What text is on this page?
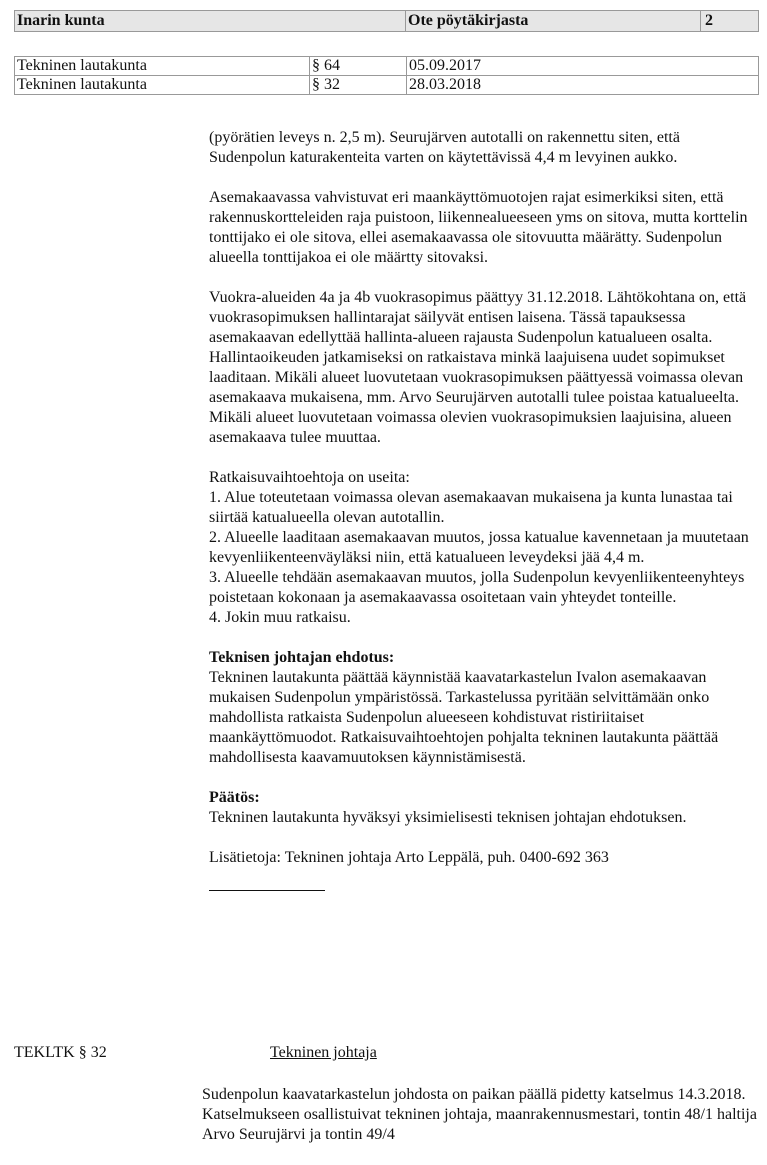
Inarin kunta	Ote pöytäkirjasta	2
Tekninen lautakunta	§ 64	05.09.2017
Tekninen lautakunta	§ 32	28.03.2018

(pyörätien leveys n. 2,5 m). Seurujärven autotalli on rakennettu siten, että Sudenpolun katurakenteita varten on käytettävissä 4,4 m levyinen aukko.

Asemakaavassa vahvistuvat eri maankäyttömuotojen rajat esimerkiksi siten, että rakennuskortteleiden raja puistoon, liikennealueeseen yms on sitova, mutta korttelin tonttijako ei ole sitova, ellei asemakaavassa ole sitovuutta määrätty. Sudenpolun alueella tonttijakoa ei ole määrtty sitovaksi.

Vuokra-alueiden 4a ja 4b vuokrasopimus päättyy 31.12.2018. Lähtökohtana on, että vuokrasopimuksen hallintarajat säilyvät entisen laisena. Tässä tapauksessa asemakaavan edellyttää hallinta-alueen rajausta Sudenpolun katualueen osalta. Hallintaoikeuden jatkamiseksi on ratkaistava minkä laajuisena uudet sopimukset laaditaan. Mikäli alueet luovutetaan vuokrasopimuksen päättyessä voimassa olevan asemakaava mukaisena, mm. Arvo Seurujärven autotalli tulee poistaa katualueelta. Mikäli alueet luovutetaan voimassa olevien vuokrasopimuksien laajuisina, alueen asemakaava tulee muuttaa.

Ratkaisuvaihtoehtoja on useita:
1. Alue toteutetaan voimassa olevan asemakaavan mukaisena ja kunta lunastaa tai siirtää katualueella olevan autotallin.
2. Alueelle laaditaan asemakaavan muutos, jossa katualue kavennetaan ja muutetaan kevyenliikenteenväyläksi niin, että katualueen leveydeksi jää 4,4 m.
3. Alueelle tehdään asemakaavan muutos, jolla Sudenpolun kevyenliikenteenyhteys poistetaan kokonaan ja asemakaavassa osoitetaan vain yhteydet tonteille.
4. Jokin muu ratkaisu.
Teknisen johtajan ehdotus:

Tekninen lautakunta päättää käynnistää kaavatarkastelun Ivalon asemakaavan mukaisen Sudenpolun ympäristössä. Tarkastelussa pyritään selvittämään onko mahdollista ratkaista Sudenpolun alueeseen kohdistuvat ristiriitaiset maankäyttömuodot. Ratkaisuvaihtoehtojen pohjalta tekninen lautakunta päättää mahdollisesta kaavamuutoksen käynnistämisestä.

Päätös:

Tekninen lautakunta hyväksyi yksimielisesti teknisen johtajan ehdotuksen.

Lisätietoja: Tekninen johtaja Arto Leppälä, puh. 0400-692 363

TEKLTK § 32	Tekninen johtaja

Sudenpolun kaavatarkastelun johdosta on paikan päällä pidetty katselmus 14.3.2018. Katselmukseen osallistuivat tekninen johtaja, maanrakennusmestari, tontin 48/1 haltija Arvo Seurujärvi ja tontin 49/4
